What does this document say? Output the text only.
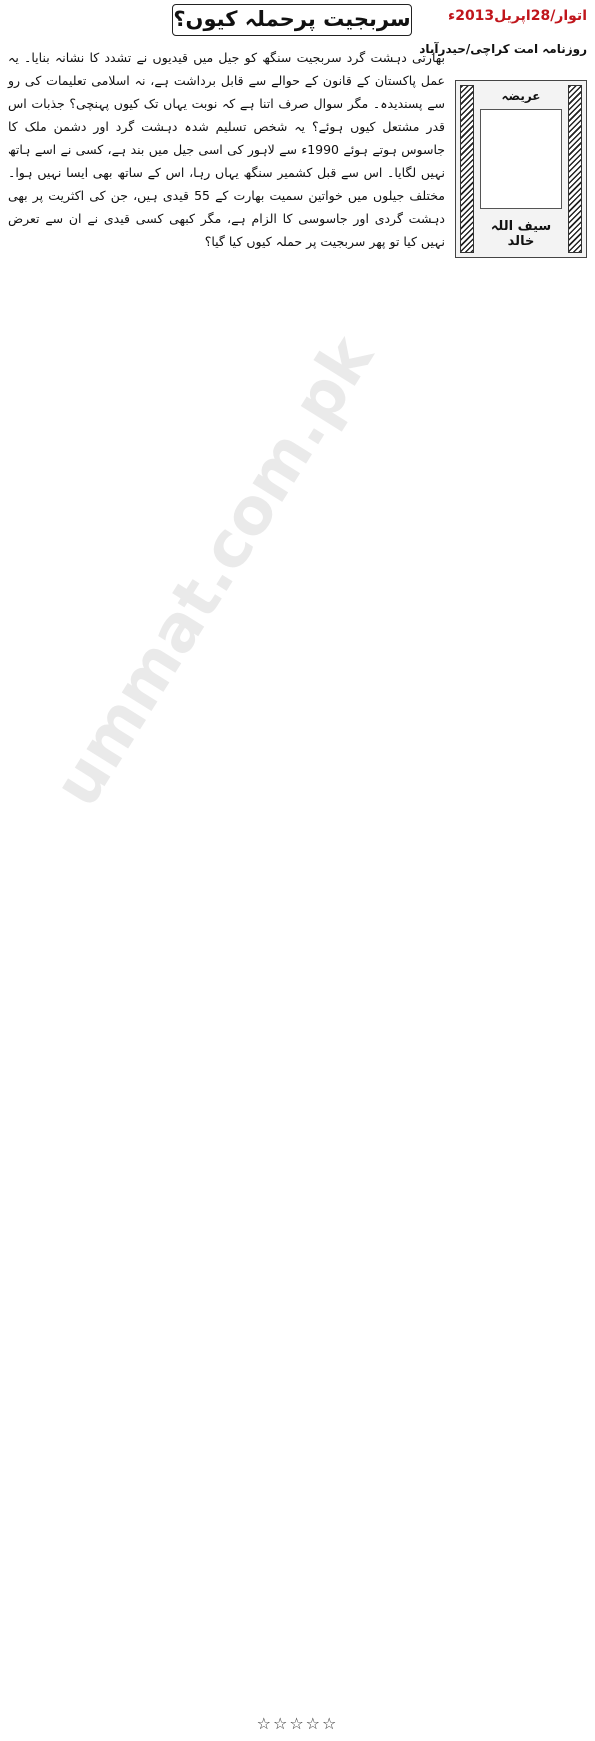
اتوار/28اپریل2013ء
سربجیت پرحملہ کیوں؟
روزنامہ امت کراچی/حیدرآباد
عریضہ
سیف اللہ خالد

بھارتی دہشت گرد سربجیت سنگھ کو جیل میں قیدیوں نے تشدد کا نشانہ بنایا۔ یہ عمل پاکستان کے قانون کے حوالے سے قابل برداشت ہے، نہ اسلامی تعلیمات کی رو سے پسندیدہ۔ مگر سوال صرف اتنا ہے کہ نوبت یہاں تک کیوں پہنچی؟ جذبات اس قدر مشتعل کیوں ہوئے؟ یہ شخص تسلیم شدہ دہشت گرد اور دشمن ملک کا جاسوس ہوتے ہوئے 1990ء سے لاہور کی اسی جیل میں بند ہے، کسی نے اسے ہاتھ نہیں لگایا۔ اس سے قبل کشمیر سنگھ یہاں رہا، اس کے ساتھ بھی ایسا نہیں ہوا۔ مختلف جیلوں میں خواتین سمیت بھارت کے 55 قیدی ہیں، جن کی اکثریت پر بھی دہشت گردی اور جاسوسی کا الزام ہے، مگر کبھی کسی قیدی نے ان سے تعرض نہیں کیا تو پھر سربجیت پر حملہ کیوں کیا گیا؟

ummat.com.pk
☆☆☆☆☆
